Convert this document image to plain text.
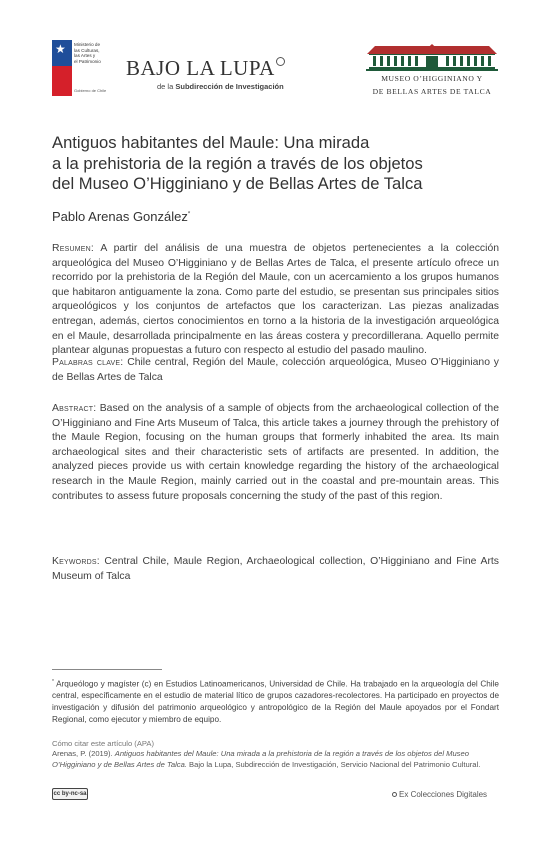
★ Ministerio de
las Culturas,
las Artes y
el Patrimonio
Gobierno de Chile
BAJO LA LUPA
de la Subdirección de Investigación
MUSEO O’HIGGINIANO Y
DE BELLAS ARTES DE TALCA
Antiguos habitantes del Maule: Una mirada
a la prehistoria de la región a través de los objetos
del Museo O’Higginiano y de Bellas Artes de Talca
Pablo Arenas González*
Resumen: A partir del análisis de una muestra de objetos pertenecientes a la colección arqueológica del Museo O’Higginiano y de Bellas Artes de Talca, el presente artículo ofrece un recorrido por la prehistoria de la Región del Maule, con un acercamiento a los grupos humanos que habitaron antiguamente la zona. Como parte del estudio, se presentan sus principales sitios arqueológicos y los conjuntos de artefactos que los caracterizan. Las piezas analizadas entregan, además, ciertos conocimientos en torno a la historia de la investigación arqueológica en el Maule, desarrollada principalmente en las áreas costera y precordillerana. Aquello permite plantear algunas propuestas a futuro con respecto al estudio del pasado maulino.
Palabras clave: Chile central, Región del Maule, colección arqueológica, Museo O’Higginiano y de Bellas Artes de Talca
Abstract: Based on the analysis of a sample of objects from the archaeological collection of the O’Higginiano and Fine Arts Museum of Talca, this article takes a journey through the prehistory of the Maule Region, focusing on the human groups that formerly inhabited the area. Its main archaeological sites and their characteristic sets of artifacts are presented. In addition, the analyzed pieces provide us with certain knowledge regarding the history of the archaeological research in the Maule Region, mainly carried out in the coastal and pre-mountain areas. This contributes to assess future proposals concerning the study of the past of this region.
Keywords: Central Chile, Maule Region, Archaeological collection, O’Higginiano and Fine Arts Museum of Talca
* Arqueólogo y magíster (c) en Estudios Latinoamericanos, Universidad de Chile. Ha trabajado en la arqueología del Chile central, específicamente en el estudio de material lítico de grupos cazadores-recolectores. Ha participado en proyectos de investigación y difusión del patrimonio arqueológico y antropológico de la Región del Maule apoyados por el Fondart Regional, como ejecutor y miembro de equipo.
Cómo citar este artículo (APA)
Arenas, P. (2019). Antiguos habitantes del Maule: Una mirada a la prehistoria de la región a través de los objetos del Museo O’Higginiano y de Bellas Artes de Talca. Bajo la Lupa, Subdirección de Investigación, Servicio Nacional del Patrimonio Cultural.
cc by-nc-sa	Ex Colecciones Digitales
